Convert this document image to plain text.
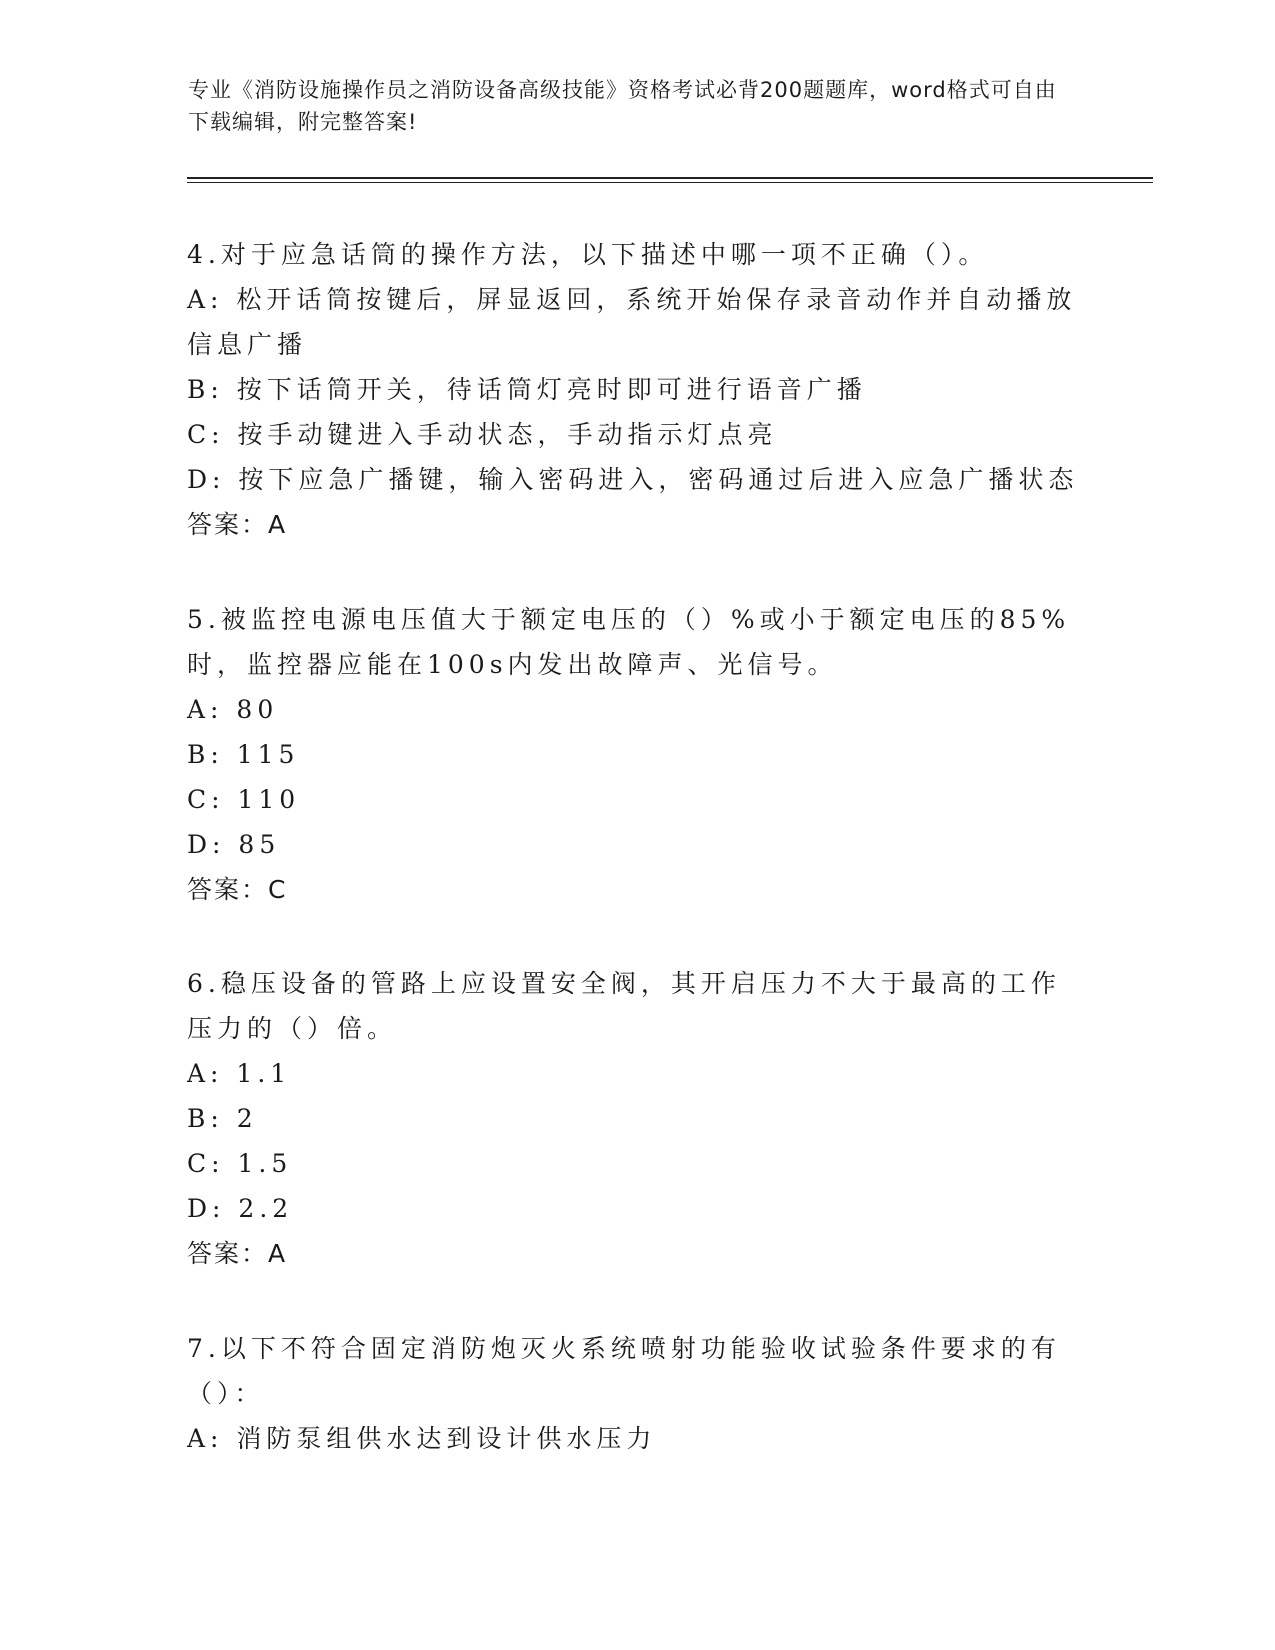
专业《消防设施操作员之消防设备高级技能》资格考试必背200题题库，word格式可自由下载编辑，附完整答案!

4.对于应急话筒的操作方法，以下描述中哪一项不正确（）。

A: 松开话筒按键后，屏显返回，系统开始保存录音动作并自动播放信息广播

B: 按下话筒开关，待话筒灯亮时即可进行语音广播

C: 按手动键进入手动状态，手动指示灯点亮

D: 按下应急广播键，输入密码进入，密码通过后进入应急广播状态

答案：A

5.被监控电源电压值大于额定电压的（）%或小于额定电压的85%时，监控器应能在100s内发出故障声、光信号。

A: 80

B: 115

C: 110

D: 85

答案：C

6.稳压设备的管路上应设置安全阀，其开启压力不大于最高的工作压力的（）倍。

A: 1.1

B: 2

C: 1.5

D: 2.2

答案：A

7.以下不符合固定消防炮灭火系统喷射功能验收试验条件要求的有（）：

A: 消防泵组供水达到设计供水压力
